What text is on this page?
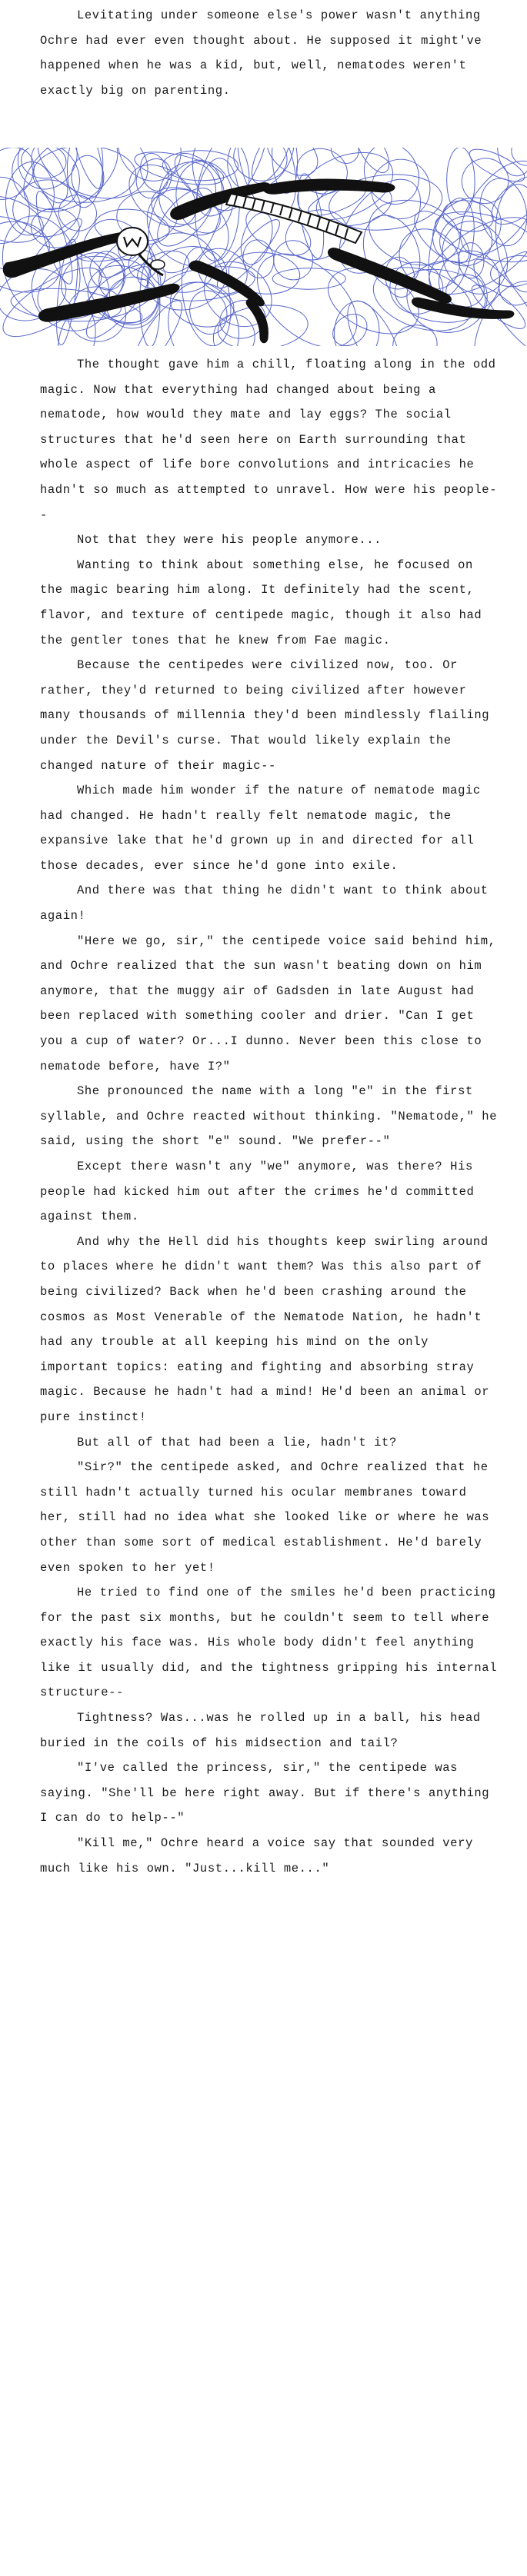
Levitating under someone else's power wasn't anything Ochre had ever even thought about. He supposed it might've happened when he was a kid, but, well, nematodes weren't exactly big on parenting.

The thought gave him a chill, floating along in the odd magic. Now that everything had changed about being a nematode, how would they mate and lay eggs? The social structures that he'd seen here on Earth surrounding that whole aspect of life bore convolutions and intricacies he hadn't so much as attempted to unravel. How were his people--

Not that they were his people anymore...

Wanting to think about something else, he focused on the magic bearing him along. It definitely had the scent, flavor, and texture of centipede magic, though it also had the gentler tones that he knew from Fae magic.

Because the centipedes were civilized now, too. Or rather, they'd returned to being civilized after however many thousands of millennia they'd been mindlessly flailing under the Devil's curse. That would likely explain the changed nature of their magic--

Which made him wonder if the nature of nematode magic had changed. He hadn't really felt nematode magic, the expansive lake that he'd grown up in and directed for all those decades, ever since he'd gone into exile.

And there was that thing he didn't want to think about again!

"Here we go, sir," the centipede voice said behind him, and Ochre realized that the sun wasn't beating down on him anymore, that the muggy air of Gadsden in late August had been replaced with something cooler and drier. "Can I get you a cup of water? Or...I dunno. Never been this close to nematode before, have I?"

She pronounced the name with a long "e" in the first syllable, and Ochre reacted without thinking. "Nematode," he said, using the short "e" sound. "We prefer--"

Except there wasn't any "we" anymore, was there? His people had kicked him out after the crimes he'd committed against them.

And why the Hell did his thoughts keep swirling around to places where he didn't want them? Was this also part of being civilized? Back when he'd been crashing around the cosmos as Most Venerable of the Nematode Nation, he hadn't had any trouble at all keeping his mind on the only important topics: eating and fighting and absorbing stray magic. Because he hadn't had a mind! He'd been an animal or pure instinct!

But all of that had been a lie, hadn't it?

"Sir?" the centipede asked, and Ochre realized that he still hadn't actually turned his ocular membranes toward her, still had no idea what she looked like or where he was other than some sort of medical establishment. He'd barely even spoken to her yet!

He tried to find one of the smiles he'd been practicing for the past six months, but he couldn't seem to tell where exactly his face was. His whole body didn't feel anything like it usually did, and the tightness gripping his internal structure--

Tightness? Was...was he rolled up in a ball, his head buried in the coils of his midsection and tail?

"I've called the princess, sir," the centipede was saying. "She'll be here right away. But if there's anything I can do to help--"

"Kill me," Ochre heard a voice say that sounded very much like his own. "Just...kill me..."
